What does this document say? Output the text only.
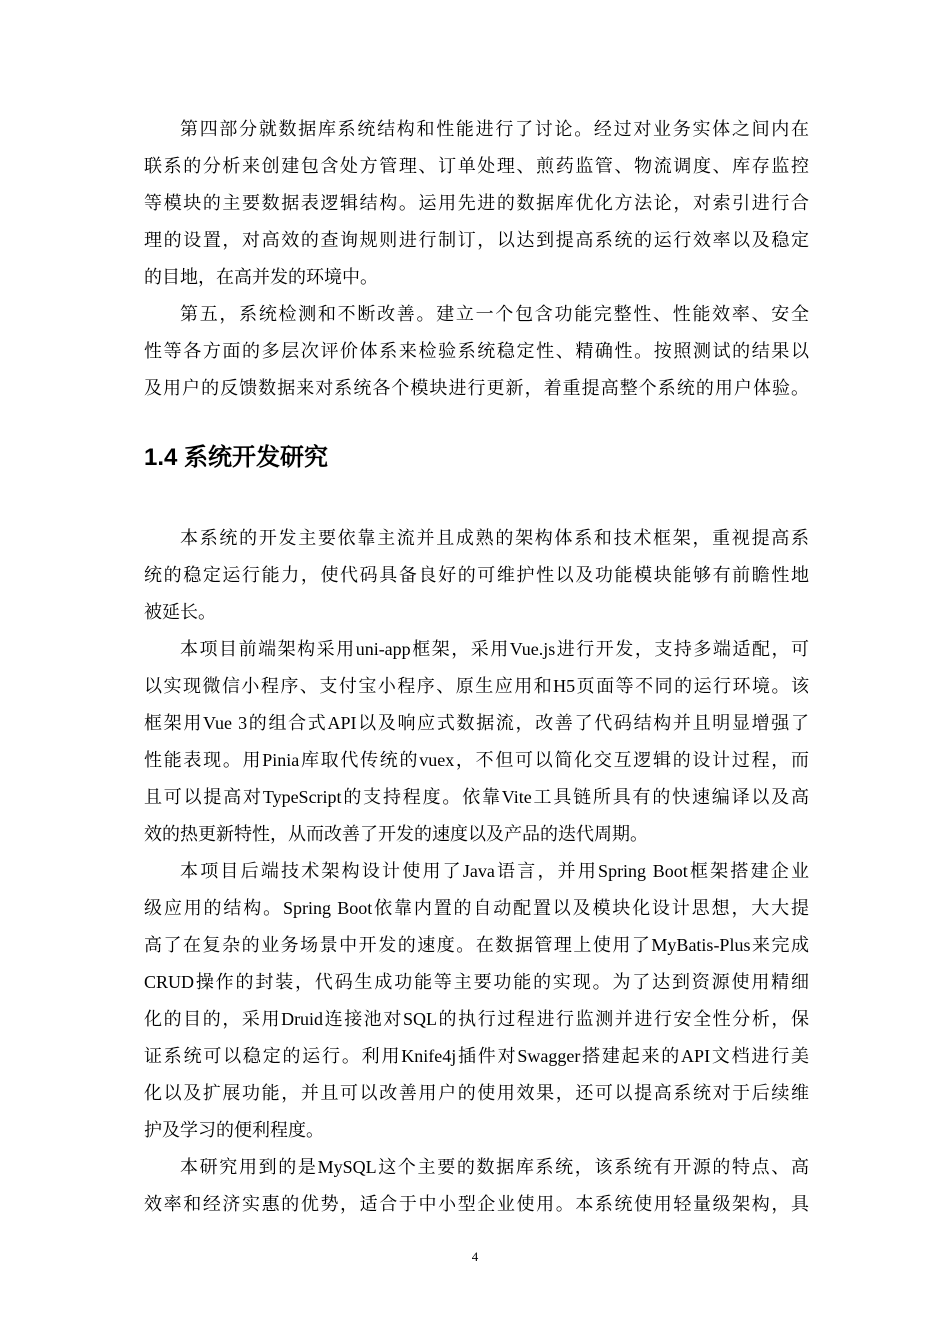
第四部分就数据库系统结构和性能进行了讨论。经过对业务实体之间内在
联系的分析来创建包含处方管理、订单处理、煎药监管、物流调度、库存监控
等模块的主要数据表逻辑结构。运用先进的数据库优化方法论，对索引进行合
理的设置，对高效的查询规则进行制订，以达到提高系统的运行效率以及稳定
的目地，在高并发的环境中。
第五，系统检测和不断改善。建立一个包含功能完整性、性能效率、安全
性等各方面的多层次评价体系来检验系统稳定性、精确性。按照测试的结果以
及用户的反馈数据来对系统各个模块进行更新，着重提高整个系统的用户体验。
1.4 系统开发研究
本系统的开发主要依靠主流并且成熟的架构体系和技术框架，重视提高系
统的稳定运行能力，使代码具备良好的可维护性以及功能模块能够有前瞻性地
被延长。
本项目前端架构采用uni-app框架，采用Vue.js进行开发，支持多端适配，可
以实现微信小程序、支付宝小程序、原生应用和H5页面等不同的运行环境。该
框架用Vue 3的组合式API以及响应式数据流，改善了代码结构并且明显增强了
性能表现。用Pinia库取代传统的vuex，不但可以简化交互逻辑的设计过程，而
且可以提高对TypeScript的支持程度。依靠Vite工具链所具有的快速编译以及高
效的热更新特性，从而改善了开发的速度以及产品的迭代周期。
本项目后端技术架构设计使用了Java语言，并用Spring Boot框架搭建企业
级应用的结构。Spring Boot依靠内置的自动配置以及模块化设计思想，大大提
高了在复杂的业务场景中开发的速度。在数据管理上使用了MyBatis-Plus来完成
CRUD操作的封装，代码生成功能等主要功能的实现。为了达到资源使用精细
化的目的，采用Druid连接池对SQL的执行过程进行监测并进行安全性分析，保
证系统可以稳定的运行。利用Knife4j插件对Swagger搭建起来的API文档进行美
化以及扩展功能，并且可以改善用户的使用效果，还可以提高系统对于后续维
护及学习的便利程度。
本研究用到的是MySQL这个主要的数据库系统，该系统有开源的特点、高
效率和经济实惠的优势，适合于中小型企业使用。本系统使用轻量级架构，具
4
